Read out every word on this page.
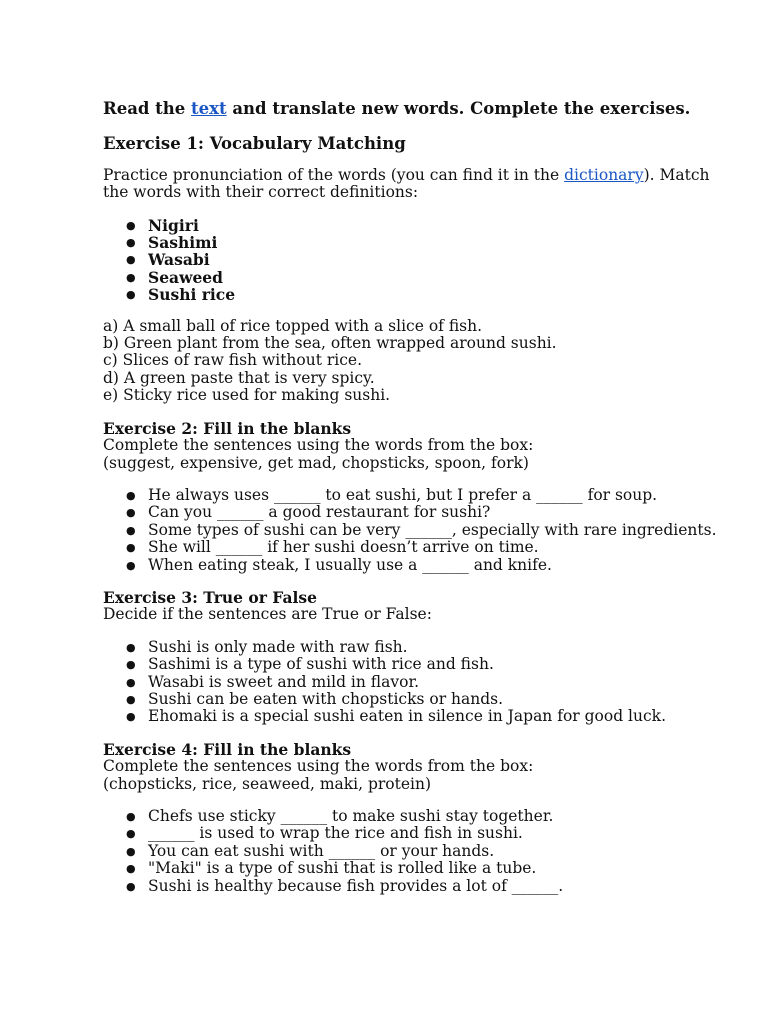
Read the text and translate new words. Complete the exercises.

Exercise 1: Vocabulary Matching

Practice pronunciation of the words (you can find it in the dictionary). Match the words with their correct definitions:

● Nigiri
● Sashimi
● Wasabi
● Seaweed
● Sushi rice
a) A small ball of rice topped with a slice of fish.
b) Green plant from the sea, often wrapped around sushi.
c) Slices of raw fish without rice.
d) A green paste that is very spicy.
e) Sticky rice used for making sushi.

Exercise 2: Fill in the blanks

Complete the sentences using the words from the box:

(suggest, expensive, get mad, chopsticks, spoon, fork)

● He always uses ______ to eat sushi, but I prefer a ______ for soup.
● Can you ______ a good restaurant for sushi?
● Some types of sushi can be very ______, especially with rare ingredients.
● She will ______ if her sushi doesn’t arrive on time.
● When eating steak, I usually use a ______ and knife.

Exercise 3: True or False

Decide if the sentences are True or False:

● Sushi is only made with raw fish.
● Sashimi is a type of sushi with rice and fish.
● Wasabi is sweet and mild in flavor.
● Sushi can be eaten with chopsticks or hands.
● Ehomaki is a special sushi eaten in silence in Japan for good luck.

Exercise 4: Fill in the blanks

Complete the sentences using the words from the box:

(chopsticks, rice, seaweed, maki, protein)

● Chefs use sticky ______ to make sushi stay together.
● ______ is used to wrap the rice and fish in sushi.
● You can eat sushi with ______ or your hands.
● "Maki" is a type of sushi that is rolled like a tube.
● Sushi is healthy because fish provides a lot of ______.
